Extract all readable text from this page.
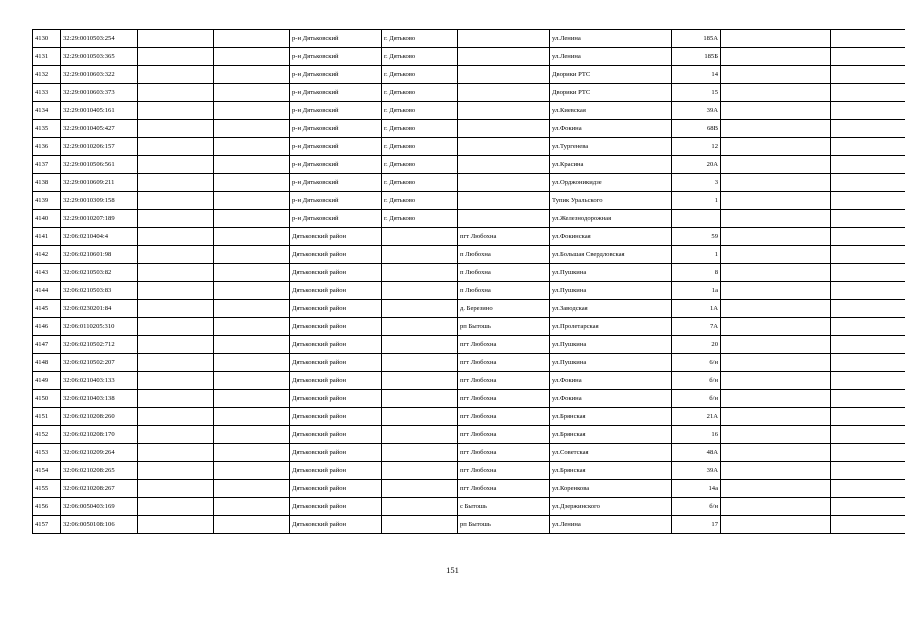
4130	32:29:0010503:254			р-н Дятьковский	г. Дятьково		ул.Ленина	185А		
4131	32:29:0010503:365			р-н Дятьковский	г. Дятьково		ул.Ленина	185Б		
4132	32:29:0010603:322			р-н Дятьковский	г. Дятьково		Дворики РТС	14		
4133	32:29:0010603:373			р-н Дятьковский	г. Дятьково		Дворики РТС	15		
4134	32:29:0010405:161			р-н Дятьковский	г. Дятьково		ул.Киевская	39А		
4135	32:29:0010405:427			р-н Дятьковский	г. Дятьково		ул.Фокина	68В		
4136	32:29:0010206:157			р-н Дятьковский	г. Дятьково		ул.Тургенева	12		
4137	32:29:0010506:561			р-н Дятьковский	г. Дятьково		ул.Красина	20А		
4138	32:29:0010609:211			р-н Дятьковский	г. Дятьково		ул.Орджоникидзе	3		
4139	32:29:0010309:158			р-н Дятьковский	г. Дятьково		Тупик Уральского	1		
4140	32:29:0010207:189			р-н Дятьковский	г. Дятьково		ул.Железнодорожная			
4141	32:06:0210404:4			Дятьковский район		пгт Любохна	ул.Фокинская	59		
4142	32:06:0210601:98			Дятьковский район		п Любохна	ул.Большая Свердловская	1		
4143	32:06:0210503:82			Дятьковский район		п Любохна	ул.Пушкина	8		
4144	32:06:0210503:83			Дятьковский район		п Любохна	ул.Пушкина	1а		
4145	32:06:0230201:84			Дятьковский район		д. Березино	ул.Заводская	1А		
4146	32:06:0110205:310			Дятьковский район		рп Бытошь	ул.Пролетарская	7А		
4147	32:06:0210502:712			Дятьковский район		пгт Любохна	ул.Пушкина	20		
4148	32:06:0210502:207			Дятьковский район		пгт Любохна	ул.Пушкина	6/н		
4149	32:06:0210403:133			Дятьковский район		пгт Любохна	ул.Фокина	б/н		
4150	32:06:0210403:138			Дятьковский район		пгт Любохна	ул.Фокина	б/н		
4151	32:06:0210208:260			Дятьковский район		пгт Любохна	ул.Брянская	21А		
4152	32:06:0210208:170			Дятьковский район		пгт Любохна	ул.Брянская	16		
4153	32:06:0210209:264			Дятьковский район		пгт Любохна	ул.Советская	48А		
4154	32:06:0210208:265			Дятьковский район		пгт Любохна	ул.Брянская	39А		
4155	32:06:0210208:267			Дятьковский район		пгт Любохна	ул.Коренкова	14а		
4156	32:06:0050403:169			Дятьковский район		с Бытошь	ул.Дзержинского	б/н		
4157	32:06:0050108:106			Дятьковский район		рп Бытошь	ул.Ленина	17		
151
